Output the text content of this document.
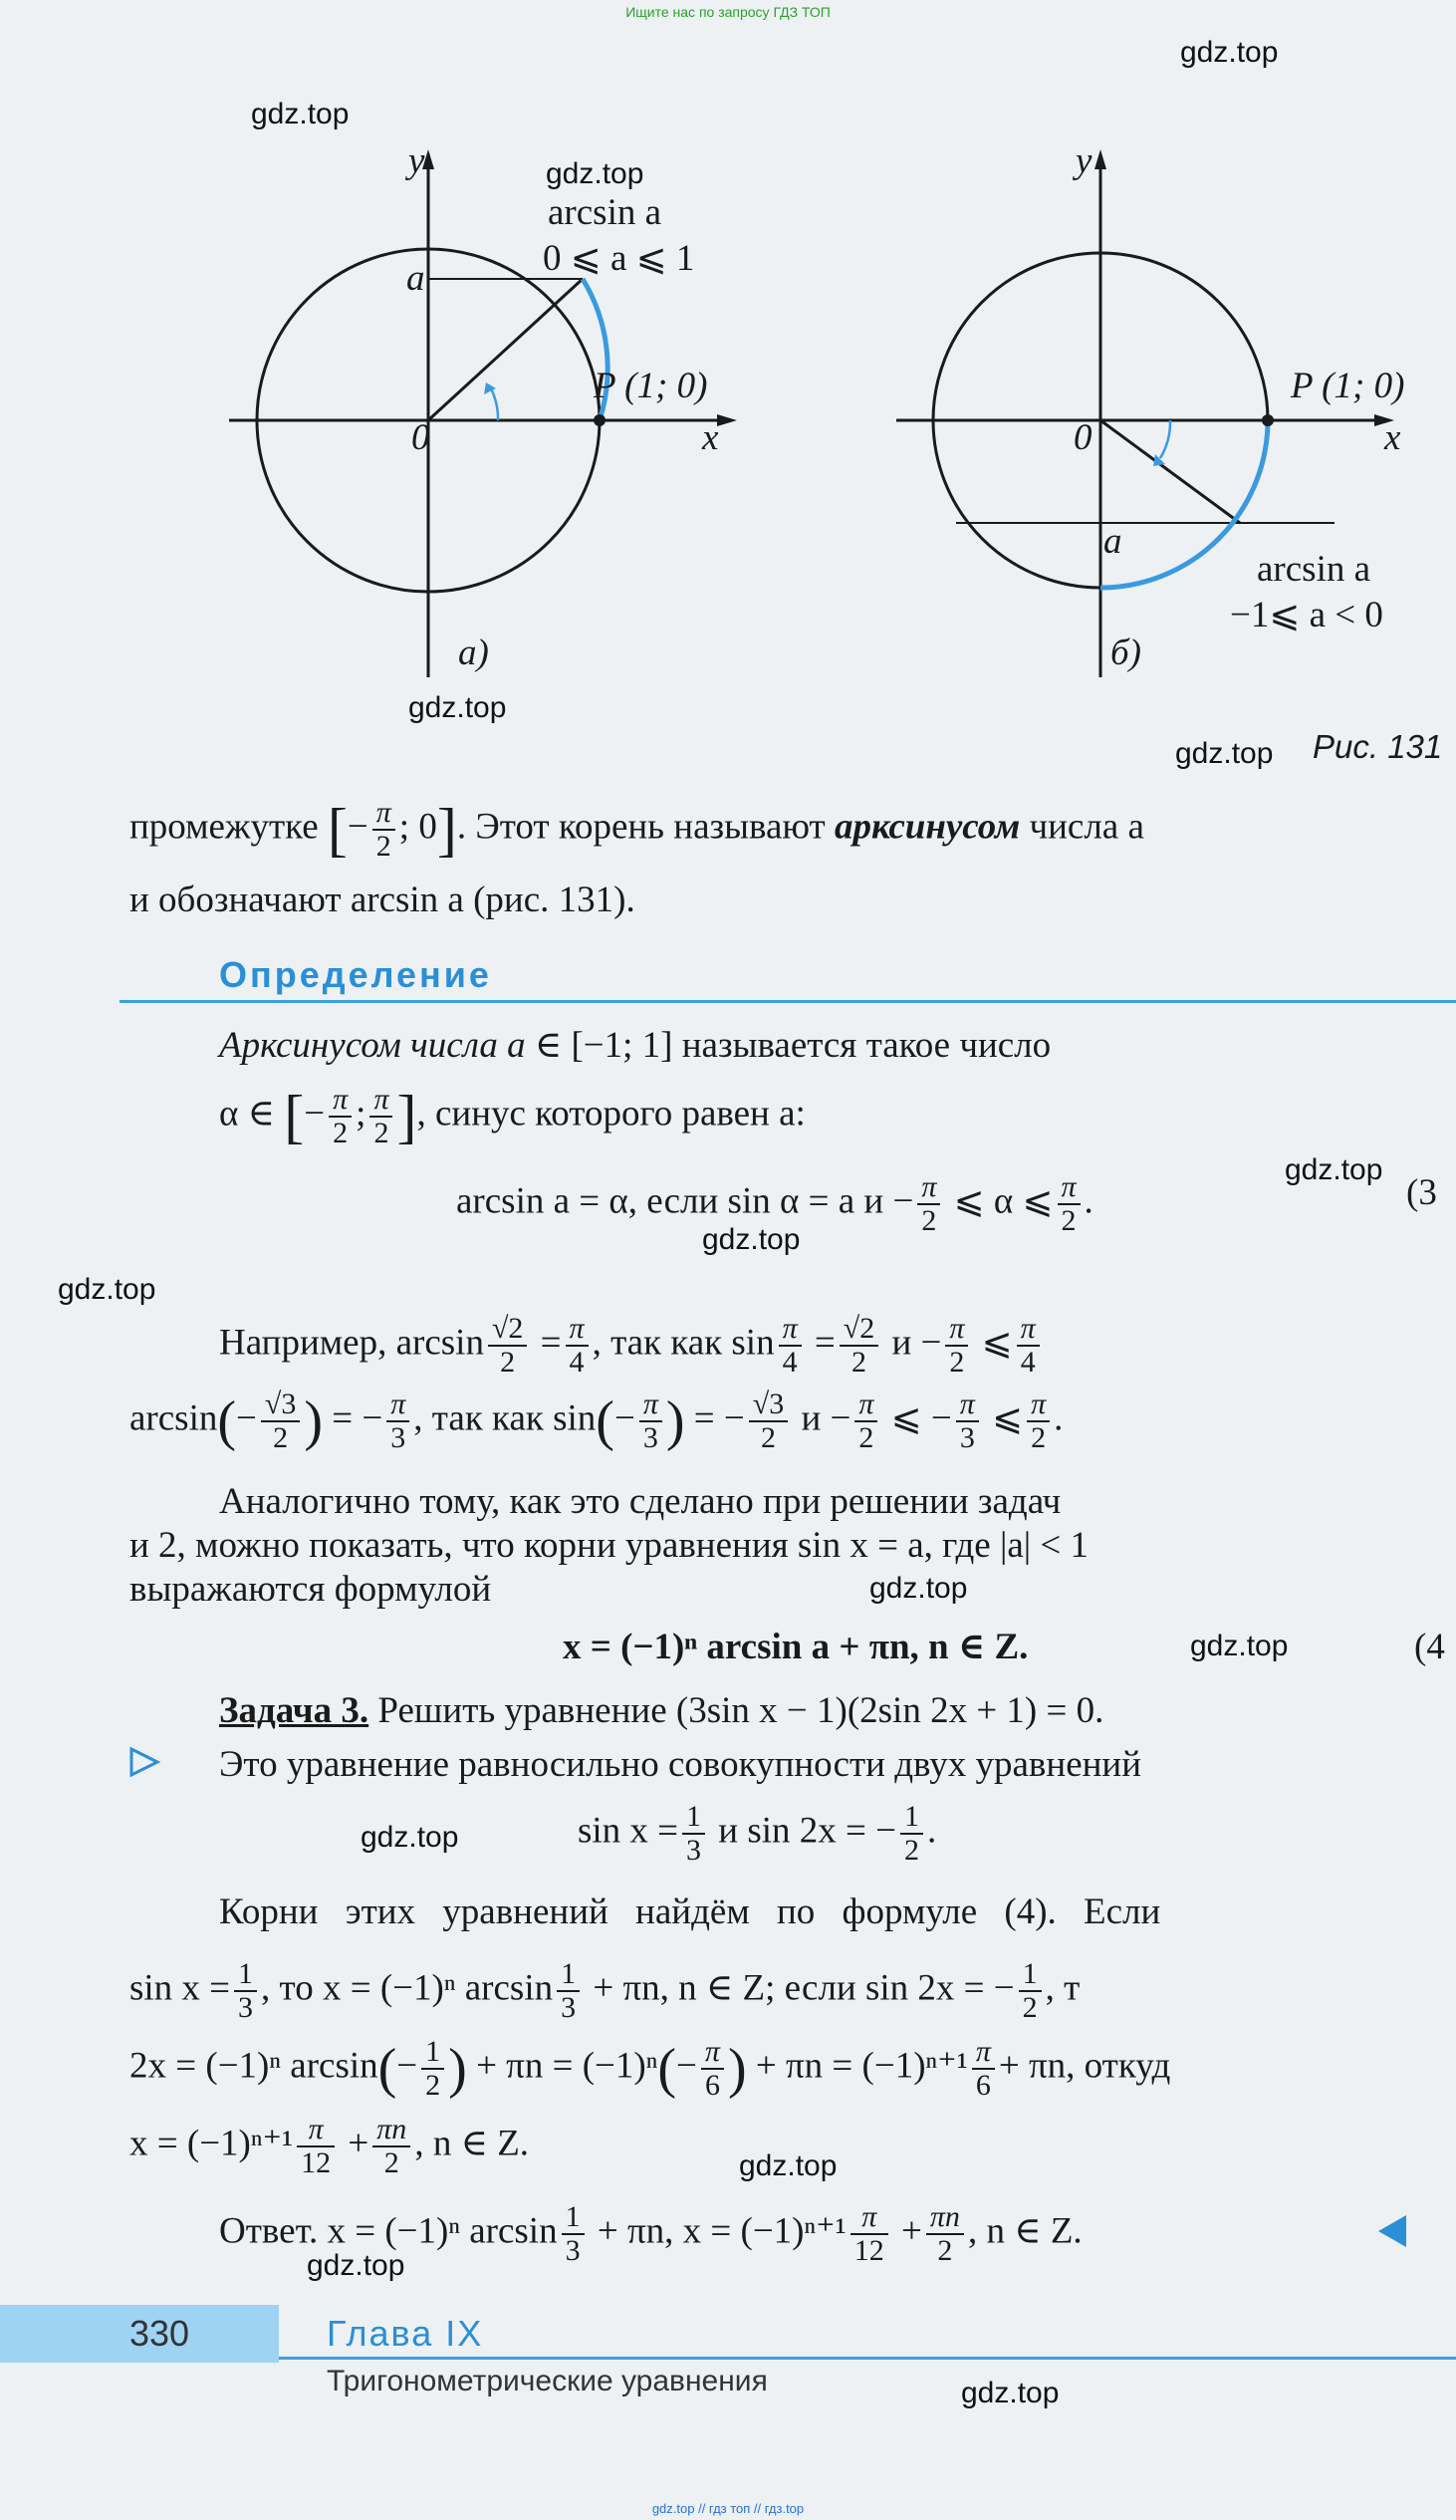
Ищите нас по запросу ГДЗ ТОП
gdz.top // гдз топ // гдз.top

y
x
0
a
arcsin a
0 ⩽ a ⩽ 1
P (1; 0)
а)
y
x
0
a
P (1; 0)
arcsin a
−1⩽ a < 0
б)
Рис. 131
промежутке [− $\frac{\pi}{2}$ ; 0]. Этот корень называют арксинусом числа а
и обозначают arcsin a (рис. 131).
Определение
Арксинусом числа a ∈ [−1; 1] называется такое число
α ∈ [− $\frac{\pi}{2}$ ; $\frac{\pi}{2}$ ], синус которого равен a:
arcsin a = α, если sin α = a $и - \frac{\pi}{2}$ ⩽ α ⩽ $\frac{\pi}{2}$ .	(3
Например, $\arcsin \frac{√2}{2} = \frac{\pi}{4}$ , так как $\sin \frac{\pi}{4} = \frac{√2}{2}$ $и - \frac{\pi}{2}$ ⩽ $\frac{\pi}{4}$
$\arcsin(- \frac{√3}{2}$ ) = − $\frac{\pi}{3}$ , так как $\sin(- \frac{\pi}{3}$ ) = − $\frac{√3}{2}$ $и - \frac{\pi}{2}$ ⩽ − $\frac{\pi}{3}$ ⩽ $\frac{\pi}{2}$ .
Аналогично тому, как это сделано при решении задач
и 2, можно показать, что корни уравнения sin x = a, где |a| < 1
выражаются формулой
x = (−1)ⁿ arcsin a + πn, n ∈ Z.	(4
Задача 3. Решить уравнение (3sin x − 1)(2sin 2x + 1) = 0.
Это уравнение равносильно совокупности двух уравнений
$\sin x = \frac{1}{3}$ и sin 2x = − $\frac{1}{2}$ .
Корни этих уравнений найдём по формуле (4). Если
$\sin x = \frac{1}{3}$ , то x = (−1)ⁿ $\arcsin \frac{1}{3} + \pi n$, n ∈ Z; если sin 2x = − $\frac{1}{2}$ , т
2x = (−1)ⁿ $\arcsin(- \frac{1}{2}$ ) + $\pi n = (-1)^n(- \frac{\pi}{6}$ ) + $\pi n = (-1)^{n+1} \frac{\pi}{6} + \pi n$, откуд
$x = (-1)^{n+1} \frac{\pi}{12} + \frac{\pi n}{2}$ , n ∈ Z.
Ответ. x = (−1)ⁿ $\arcsin \frac{1}{3} + \pi n$, $x = (-1)^{n+1} \frac{\pi}{12} + \frac{\pi n}{2}$ , n ∈ Z.
330	Глава IX
Тригонометрические уравнения
gdz.top
gdz.top
gdz.top
gdz.top
gdz.top
gdz.top
gdz.top
gdz.top
gdz.top
gdz.top
gdz.top
gdz.top
gdz.top
gdz.top
